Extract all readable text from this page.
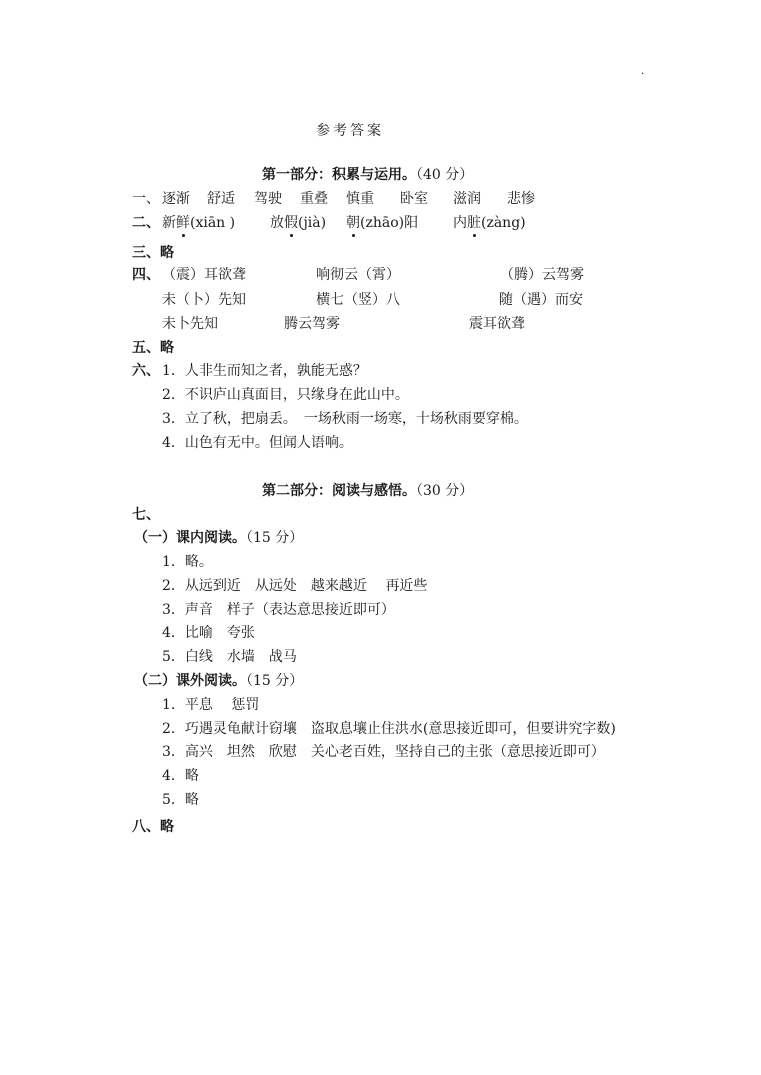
·
参考答案
第一部分：积累与运用。（40 分）
一、 逐渐 舒适 驾驶 重叠 慎重 卧室 滋润 悲惨
二、 新鲜(xiān ) 放假(jià) 朝(zhāo)阳 内脏(zàng)
三、略
四、 （震）耳欲聋	响彻云（霄）	（腾）云驾雾
未（卜）先知	横七（竖）八	随（遇）而安
未卜先知	腾云驾雾	震耳欲聋
五、略
六、 1．人非生而知之者，孰能无惑？
2．不识庐山真面目，只缘身在此山中。
3．立了秋，把扇丢。　一场秋雨一场寒，十场秋雨要穿棉。
4．山色有无中。但闻人语响。
第二部分：阅读与感悟。（30 分）
七、
（一）课内阅读。（15 分）
1．略。
2．从远到近　从远处　越来越近　 再近些
3．声音　样子（表达意思接近即可）
4．比喻　夸张
5．白线　水墙　战马
（二）课外阅读。（15 分）
1．平息　 惩罚
2．巧遇灵龟献计窃壤　盗取息壤止住洪水(意思接近即可，但要讲究字数)
3．高兴　坦然　欣慰　关心老百姓，坚持自己的主张（意思接近即可）
4．略
5．略
八、略
